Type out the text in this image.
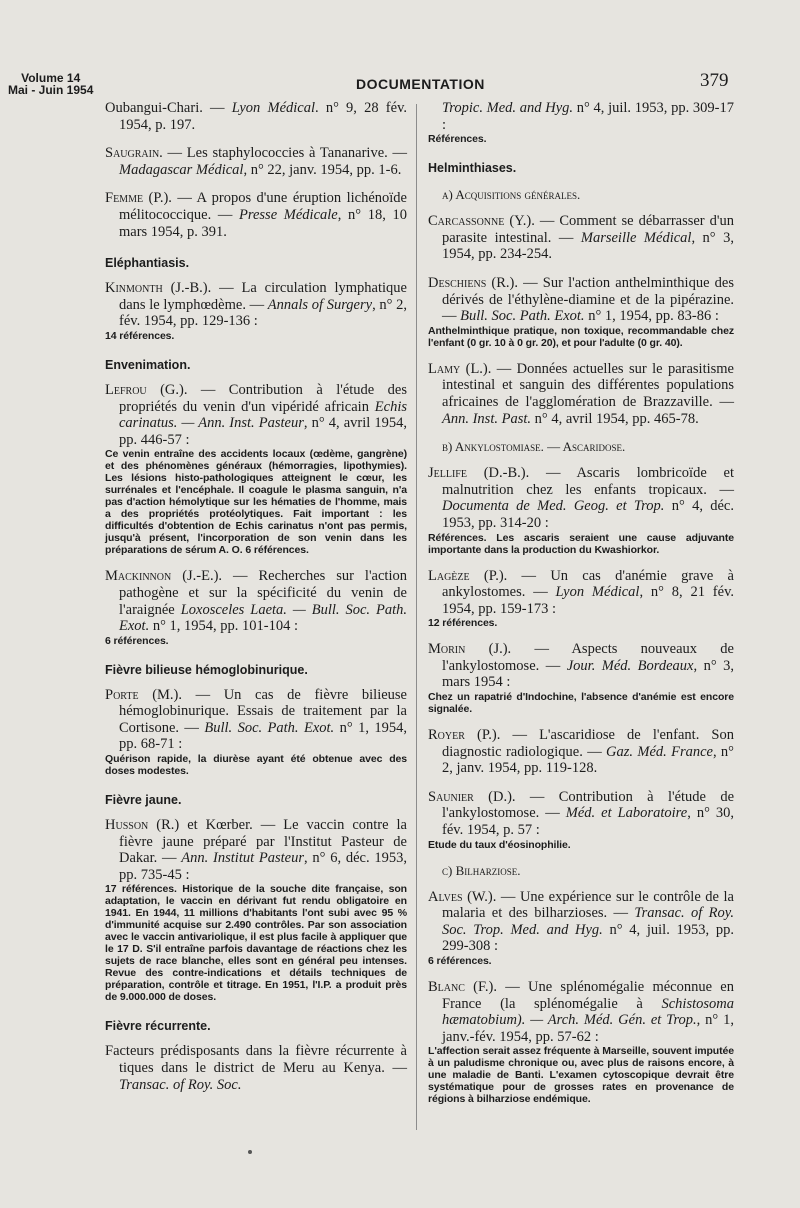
Volume 14
Mai - Juin 1954	DOCUMENTATION	379

Oubangui-Chari. — Lyon Médical. n° 9, 28 fév. 1954, p. 197.

Saugrain. — Les staphylococcies à Tananarive. — Madagascar Médical, n° 22, janv. 1954, pp. 1-6.

Femme (P.). — A propos d'une éruption lichénoïde mélitococcique. — Presse Médicale, n° 18, 10 mars 1954, p. 391.

Eléphantiasis.

Kinmonth (J.-B.). — La circulation lymphatique dans le lymphœdème. — Annals of Surgery, n° 2, fév. 1954, pp. 129-136 :
14 références.

Envenimation.

Lefrou (G.). — Contribution à l'étude des propriétés du venin d'un vipéridé africain Echis carinatus. — Ann. Inst. Pasteur, n° 4, avril 1954, pp. 446-57 :
Ce venin entraîne des accidents locaux (œdème, gangrène) et des phénomènes généraux (hémorragies, lipothymies). Les lésions histo-pathologiques atteignent le cœur, les surrénales et l'encéphale. Il coagule le plasma sanguin, n'a pas d'action hémolytique sur les hématies de l'homme, mais a des propriétés protéolytiques. Fait important : les difficultés d'obtention de Echis carinatus n'ont pas permis, jusqu'à présent, l'incorporation de son venin dans les préparations de sérum A. O. 6 références.

Mackinnon (J.-E.). — Recherches sur l'action pathogène et sur la spécificité du venin de l'araignée Loxosceles Laeta. — Bull. Soc. Path. Exot. n° 1, 1954, pp. 101-104 :
6 références.

Fièvre bilieuse hémoglobinurique.

Porte (M.). — Un cas de fièvre bilieuse hémoglobinurique. Essais de traitement par la Cortisone. — Bull. Soc. Path. Exot. n° 1, 1954, pp. 68-71 :
Quérison rapide, la diurèse ayant été obtenue avec des doses modestes.

Fièvre jaune.

Husson (R.) et Kœrber. — Le vaccin contre la fièvre jaune préparé par l'Institut Pasteur de Dakar. — Ann. Institut Pasteur, n° 6, déc. 1953, pp. 735-45 :
17 références. Historique de la souche dite française, son adaptation, le vaccin en dérivant fut rendu obligatoire en 1941. En 1944, 11 millions d'habitants l'ont subi avec 95 % d'immunité acquise sur 2.490 contrôles. Par son association avec le vaccin antivariolique, il est plus facile à appliquer que le 17 D. S'il entraîne parfois davantage de réactions chez les sujets de race blanche, elles sont en général peu intenses. Revue des contre-indications et détails techniques de préparation, contrôle et titrage. En 1951, l'I.P. a produit près de 9.000.000 de doses.

Fièvre récurrente.

Facteurs prédisposants dans la fièvre récurrente à tiques dans le district de Meru au Kenya. — Transac. of Roy. Soc.

Tropic. Med. and Hyg. n° 4, juil. 1953, pp. 309-17 :
Références.

Helminthiases.
a) Acquisitions générales.

Carcassonne (Y.). — Comment se débarrasser d'un parasite intestinal. — Marseille Médical, n° 3, 1954, pp. 234-254.

Deschiens (R.). — Sur l'action anthelminthique des dérivés de l'éthylène-diamine et de la pipérazine. — Bull. Soc. Path. Exot. n° 1, 1954, pp. 83-86 :
Anthelminthique pratique, non toxique, recommandable chez l'enfant (0 gr. 10 à 0 gr. 20), et pour l'adulte (0 gr. 40).

Lamy (L.). — Données actuelles sur le parasitisme intestinal et sanguin des différentes populations africaines de l'agglomération de Brazzaville. — Ann. Inst. Past. n° 4, avril 1954, pp. 465-78.

b) Ankylostomiase. — Ascaridose.

Jellife (D.-B.). — Ascaris lombricoïde et malnutrition chez les enfants tropicaux. — Documenta de Med. Geog. et Trop. n° 4, déc. 1953, pp. 314-20 :
Références. Les ascaris seraient une cause adjuvante importante dans la production du Kwashiorkor.

Lagèze (P.). — Un cas d'anémie grave à ankylostomes. — Lyon Médical, n° 8, 21 fév. 1954, pp. 159-173 :
12 références.

Morin (J.). — Aspects nouveaux de l'ankylostomose. — Jour. Méd. Bordeaux, n° 3, mars 1954 :
Chez un rapatrié d'Indochine, l'absence d'anémie est encore signalée.

Royer (P.). — L'ascaridiose de l'enfant. Son diagnostic radiologique. — Gaz. Méd. France, n° 2, janv. 1954, pp. 119-128.

Saunier (D.). — Contribution à l'étude de l'ankylostomose. — Méd. et Laboratoire, n° 30, fév. 1954, p. 57 :
Etude du taux d'éosinophilie.

c) Bilharziose.

Alves (W.). — Une expérience sur le contrôle de la malaria et des bilharzioses. — Transac. of Roy. Soc. Trop. Med. and Hyg. n° 4, juil. 1953, pp. 299-308 :
6 références.

Blanc (F.). — Une splénomégalie méconnue en France (la splénomégalie à Schistosoma hæmatobium). — Arch. Méd. Gén. et Trop., n° 1, janv.-fév. 1954, pp. 57-62 :
L'affection serait assez fréquente à Marseille, souvent imputée à un paludisme chronique ou, avec plus de raisons encore, à une maladie de Banti. L'examen cytoscopique devrait être systématique pour de grosses rates en provenance de régions à bilharziose endémique.
